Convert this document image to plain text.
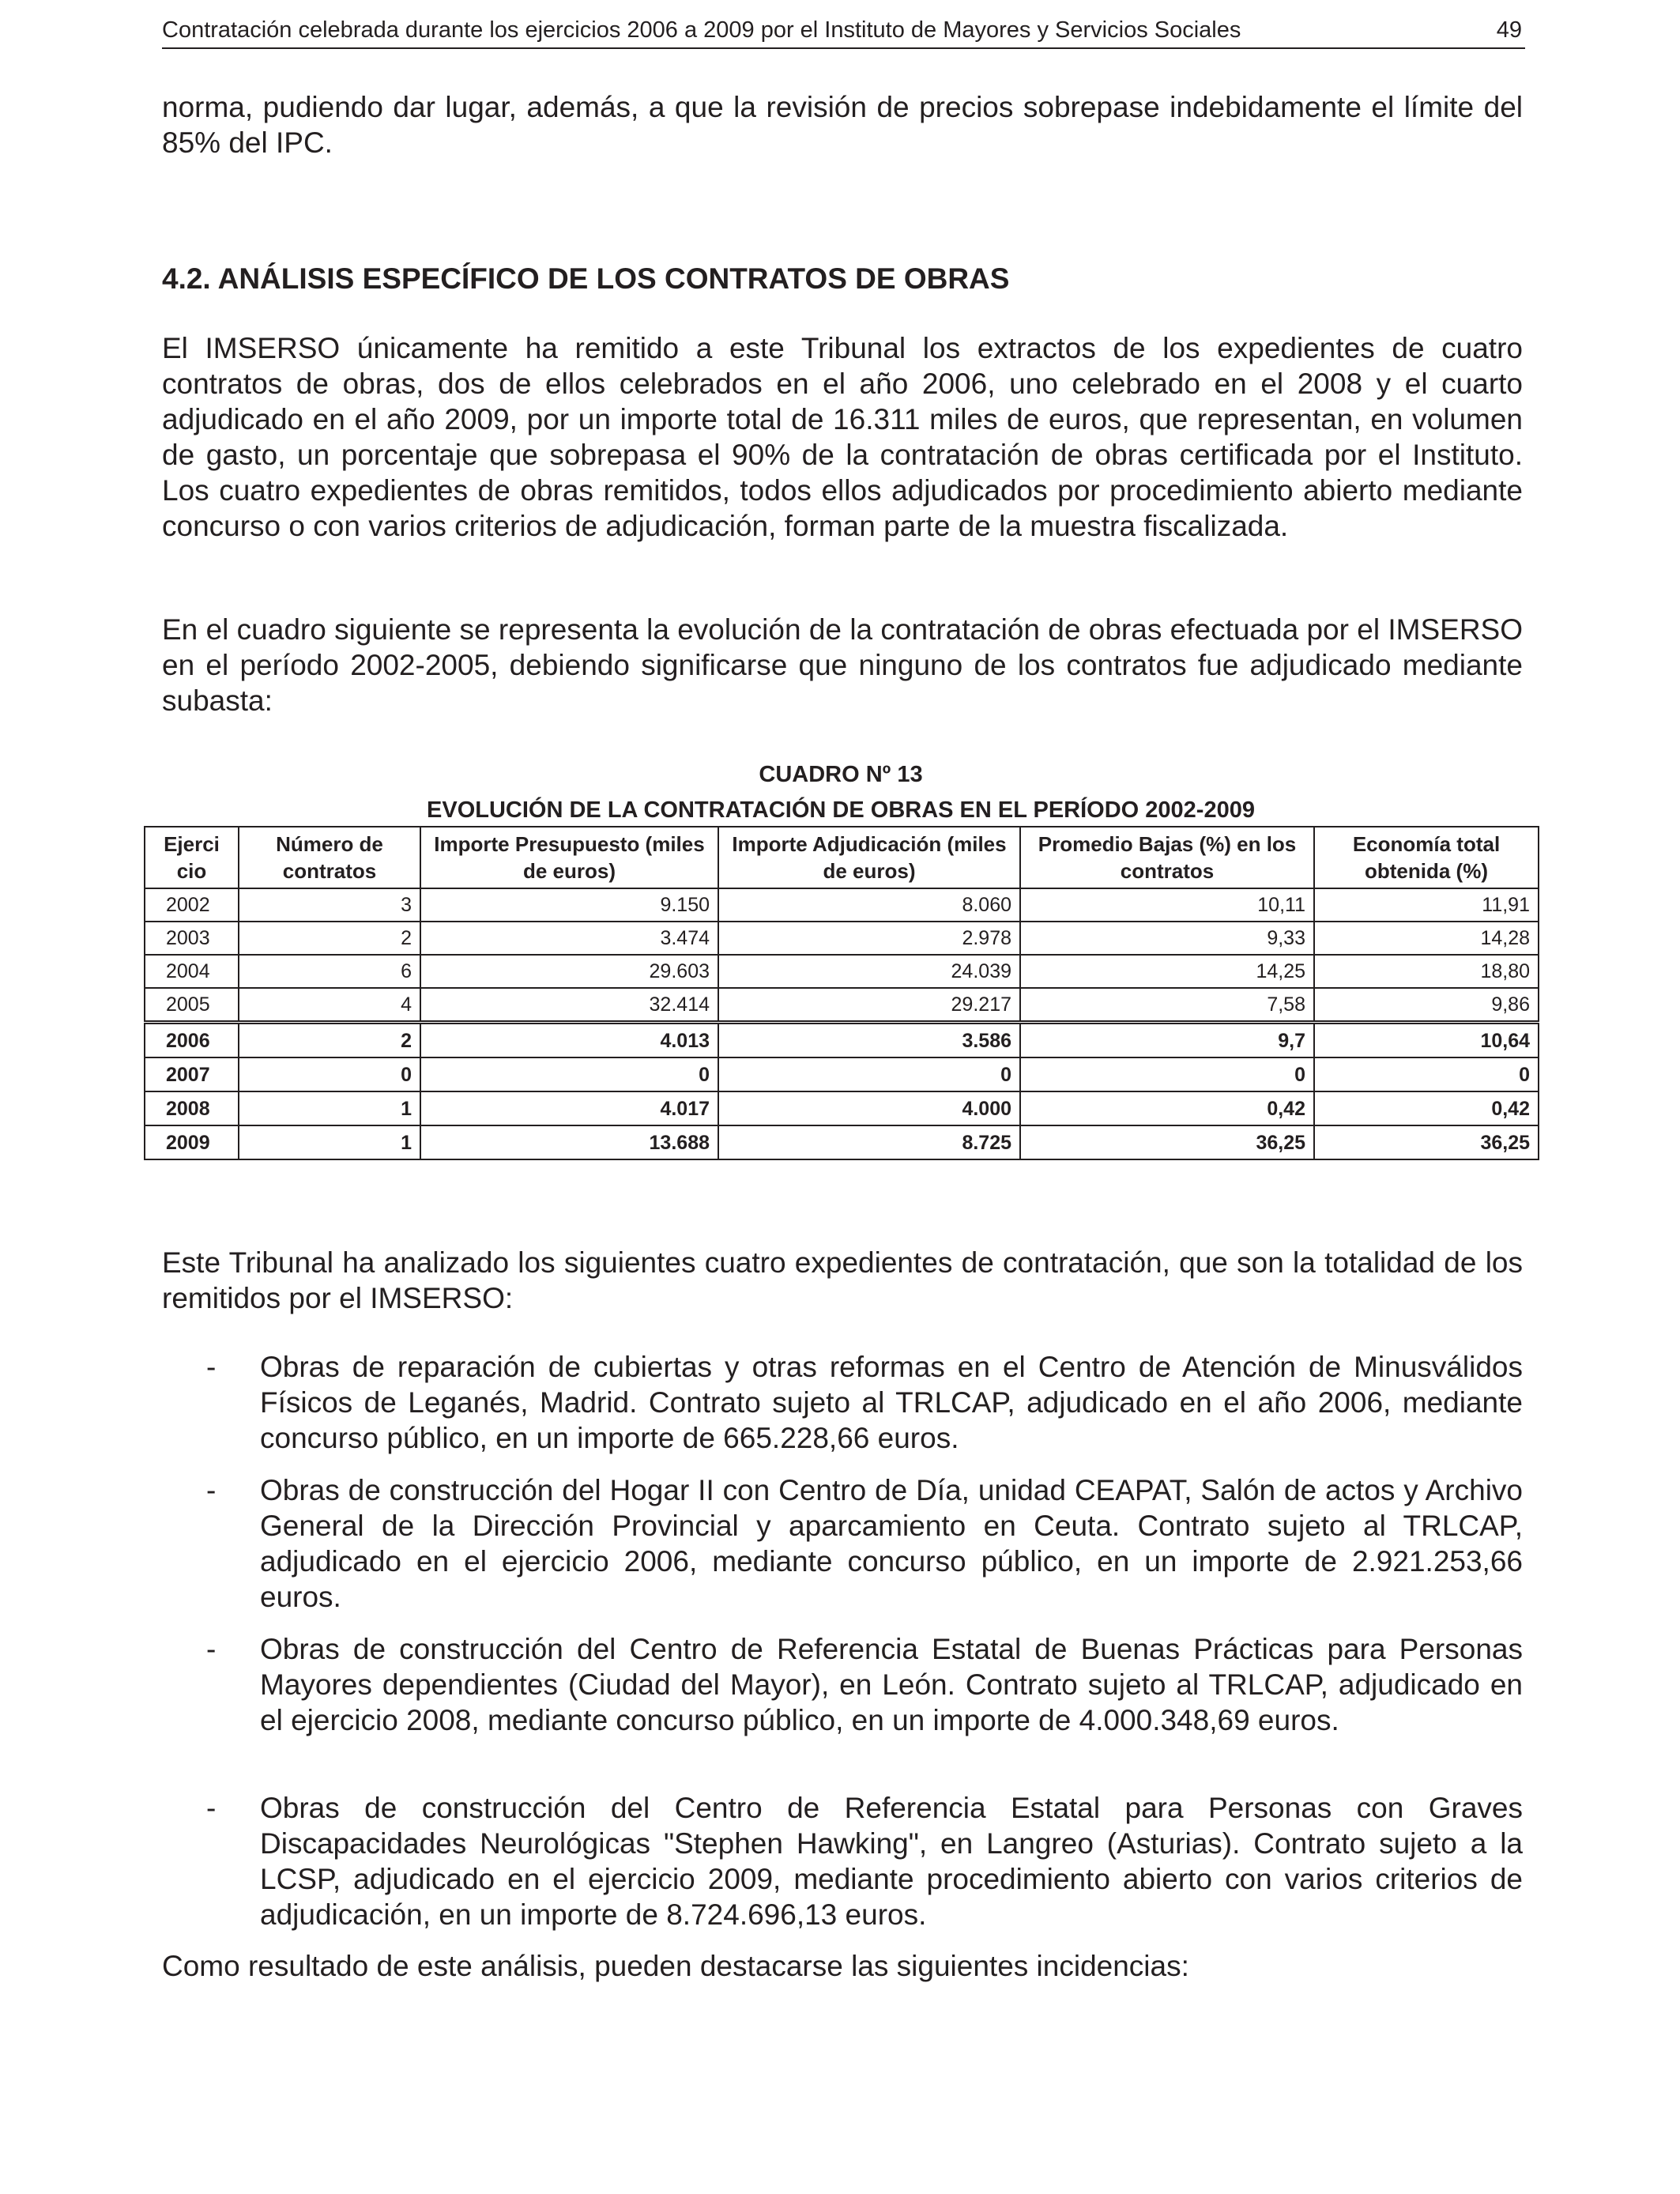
Contratación celebrada durante los ejercicios 2006 a 2009 por el Instituto de Mayores y Servicios Sociales	49

norma, pudiendo dar lugar, además, a que la revisión de precios sobrepase indebidamente el límite del 85% del IPC.

4.2. ANÁLISIS ESPECÍFICO DE LOS CONTRATOS DE OBRAS

El IMSERSO únicamente ha remitido a este Tribunal los extractos de los expedientes de cuatro contratos de obras, dos de ellos celebrados en el año 2006, uno celebrado en el 2008 y el cuarto adjudicado en el año 2009, por un importe total de 16.311 miles de euros, que representan, en volumen de gasto, un porcentaje que sobrepasa el 90% de la contratación de obras certificada por el Instituto. Los cuatro expedientes de obras remitidos, todos ellos adjudicados por procedimiento abierto mediante concurso o con varios criterios de adjudicación, forman parte de la muestra fiscalizada.

En el cuadro siguiente se representa la evolución de la contratación de obras efectuada por el IMSERSO en el período 2002-2005, debiendo significarse que ninguno de los contratos fue adjudicado mediante subasta:

CUADRO Nº 13
EVOLUCIÓN DE LA CONTRATACIÓN DE OBRAS EN EL PERÍODO 2002-2009
Ejerci cio	Número de contratos	Importe Presupuesto (miles de euros)	Importe Adjudicación (miles de euros)	Promedio Bajas (%) en los contratos	Economía total obtenida (%)
2002	3	9.150	8.060	10,11	11,91
2003	2	3.474	2.978	9,33	14,28
2004	6	29.603	24.039	14,25	18,80
2005	4	32.414	29.217	7,58	9,86
2006	2	4.013	3.586	9,7	10,64
2007	0	0	0	0	0
2008	1	4.017	4.000	0,42	0,42
2009	1	13.688	8.725	36,25	36,25

Este Tribunal ha analizado los siguientes cuatro expedientes de contratación, que son la totalidad de los remitidos por el IMSERSO:

- Obras de reparación de cubiertas y otras reformas en el Centro de Atención de Minusválidos Físicos de Leganés, Madrid. Contrato sujeto al TRLCAP, adjudicado en el año 2006, mediante concurso público, en un importe de 665.228,66 euros.
- Obras de construcción del Hogar II con Centro de Día, unidad CEAPAT, Salón de actos y Archivo General de la Dirección Provincial y aparcamiento en Ceuta. Contrato sujeto al TRLCAP, adjudicado en el ejercicio 2006, mediante concurso público, en un importe de 2.921.253,66 euros.
- Obras de construcción del Centro de Referencia Estatal de Buenas Prácticas para Personas Mayores dependientes (Ciudad del Mayor), en León. Contrato sujeto al TRLCAP, adjudicado en el ejercicio 2008, mediante concurso público, en un importe de 4.000.348,69 euros.
- Obras de construcción del Centro de Referencia Estatal para Personas con Graves Discapacidades Neurológicas "Stephen Hawking", en Langreo (Asturias). Contrato sujeto a la LCSP, adjudicado en el ejercicio 2009, mediante procedimiento abierto con varios criterios de adjudicación, en un importe de 8.724.696,13 euros.

Como resultado de este análisis, pueden destacarse las siguientes incidencias:
